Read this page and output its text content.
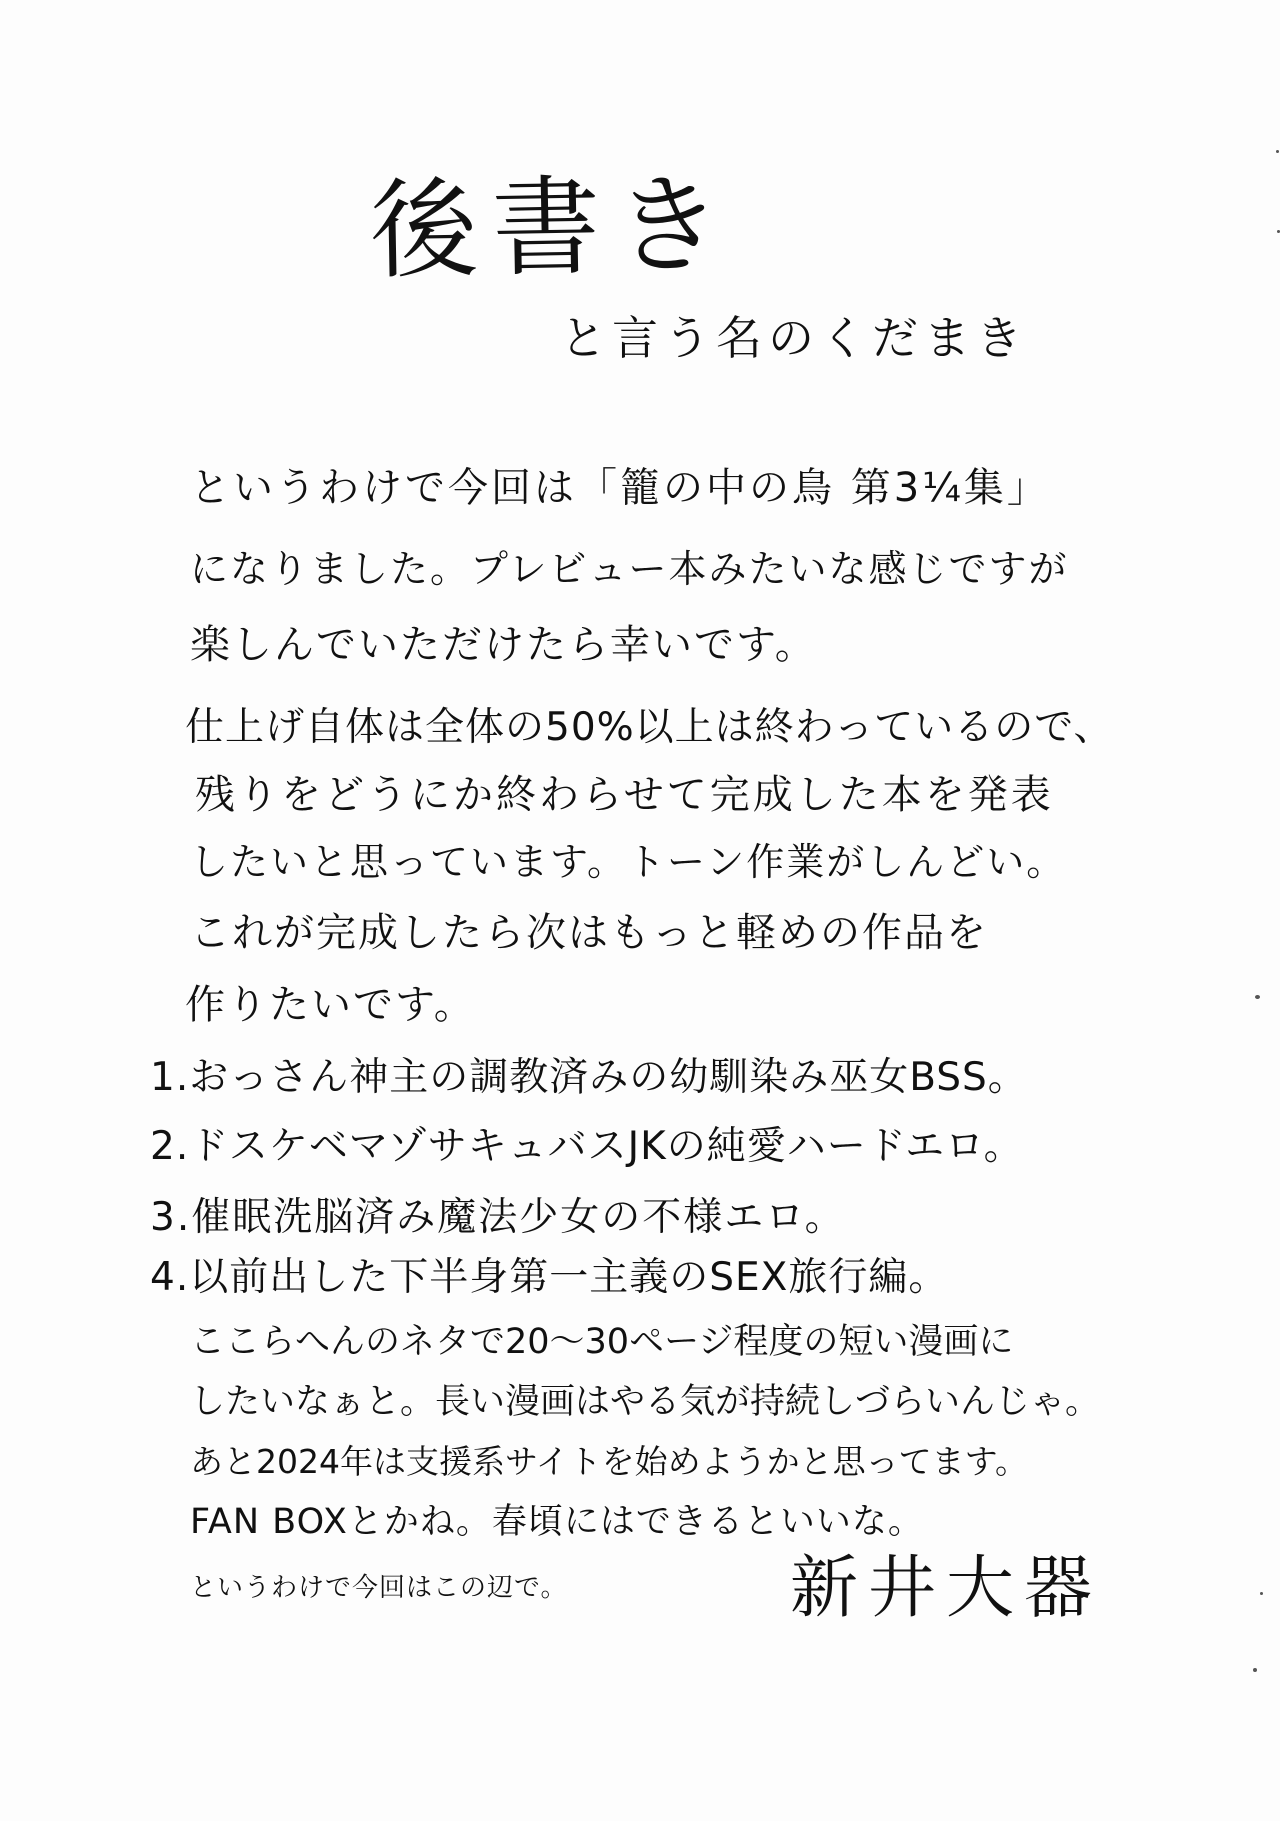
後書き
と言う名のくだまき
というわけで今回は「籠の中の鳥 第3¼集」
になりました。プレビュー本みたいな感じですが
楽しんでいただけたら幸いです。
仕上げ自体は全体の50%以上は終わっているので、
残りをどうにか終わらせて完成した本を発表
したいと思っています。トーン作業がしんどい。
これが完成したら次はもっと軽めの作品を
作りたいです。
1.おっさん神主の調教済みの幼馴染み巫女BSS。
2.ドスケベマゾサキュバスJKの純愛ハードエロ。
3.催眠洗脳済み魔法少女の不様エロ。
4.以前出した下半身第一主義のSEX旅行編。
ここらへんのネタで20〜30ページ程度の短い漫画に
したいなぁと。長い漫画はやる気が持続しづらいんじゃ。
あと2024年は支援系サイトを始めようかと思ってます。
FAN BOXとかね。春頃にはできるといいな。
というわけで今回はこの辺で。	新井大器
